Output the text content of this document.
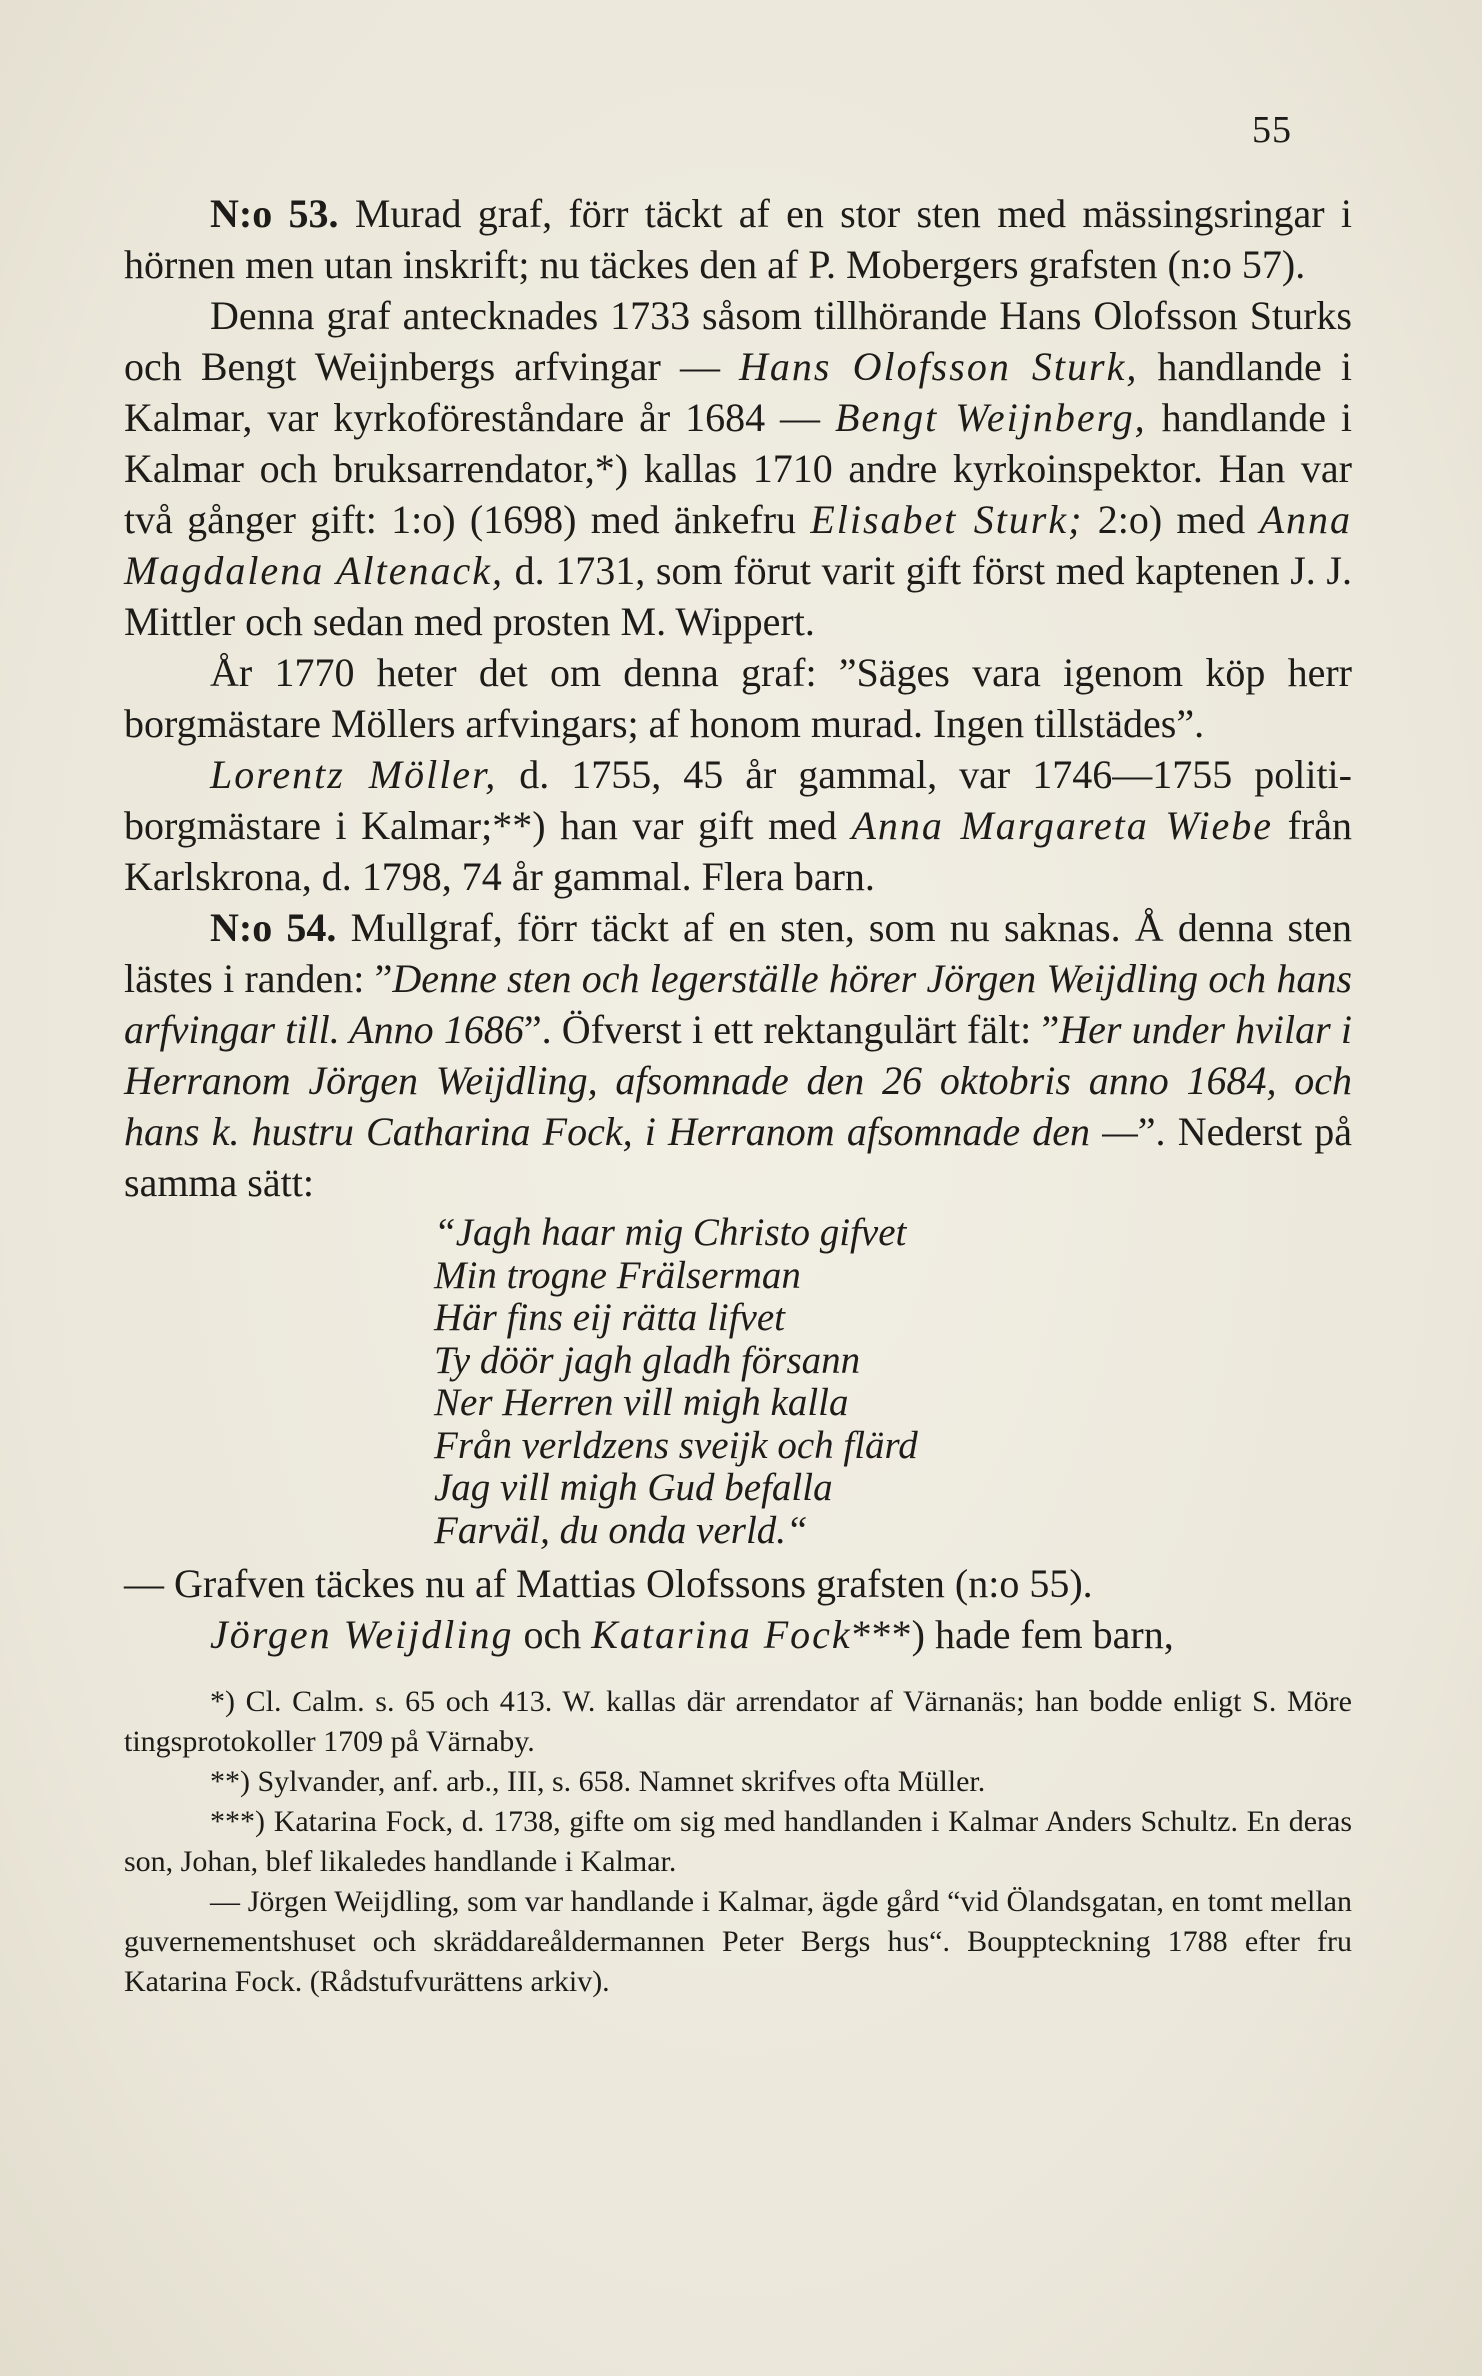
55

N:o 53. Murad graf, förr täckt af en stor sten med mässingsringar i hörnen men utan inskrift; nu täckes den af P. Mobergers grafsten (n:o 57).

Denna graf antecknades 1733 såsom tillhörande Hans Olofsson Sturks och Bengt Weijnbergs arfvingar — Hans Olofsson Sturk, handlande i Kalmar, var kyrkoföreståndare år 1684 — Bengt Weijnberg, handlande i Kalmar och bruksarrendator,*) kallas 1710 andre kyrkoinspektor. Han var två gånger gift: 1:o) (1698) med änkefru Elisabet Sturk; 2:o) med Anna Magdalena Altenack, d. 1731, som förut varit gift först med kaptenen J. J. Mittler och sedan med prosten M. Wippert.

År 1770 heter det om denna graf: ”Säges vara igenom köp herr borgmästare Möllers arfvingars; af honom murad. Ingen tillstädes”.

Lorentz Möller, d. 1755, 45 år gammal, var 1746—1755 politi-borgmästare i Kalmar;**) han var gift med Anna Margareta Wiebe från Karlskrona, d. 1798, 74 år gammal. Flera barn.

N:o 54. Mullgraf, förr täckt af en sten, som nu saknas. Å denna sten lästes i randen: ”Denne sten och legerställe hörer Jörgen Weijdling och hans arfvingar till. Anno 1686”. Öfverst i ett rektangulärt fält: ”Her under hvilar i Herranom Jörgen Weijdling, afsomnade den 26 oktobris anno 1684, och hans k. hustru Catharina Fock, i Herranom afsomnade den —”. Nederst på samma sätt:

“Jagh haar mig Christo gifvet
Min trogne Frälserman
Här fins eij rätta lifvet
Ty döör jagh gladh försann
Ner Herren vill migh kalla
Från verldzens sveijk och flärd
Jag vill migh Gud befalla
Farväl, du onda verld.“

— Grafven täckes nu af Mattias Olofssons grafsten (n:o 55).

Jörgen Weijdling och Katarina Fock***) hade fem barn,

*) Cl. Calm. s. 65 och 413. W. kallas där arrendator af Värnanäs; han bodde enligt S. Möre tingsprotokoller 1709 på Värnaby.

**) Sylvander, anf. arb., III, s. 658. Namnet skrifves ofta Müller.

***) Katarina Fock, d. 1738, gifte om sig med handlanden i Kalmar Anders Schultz. En deras son, Johan, blef likaledes handlande i Kalmar.

— Jörgen Weijdling, som var handlande i Kalmar, ägde gård “vid Ölandsgatan, en tomt mellan guvernementshuset och skräddareåldermannen Peter Bergs hus“. Bouppteckning 1788 efter fru Katarina Fock. (Rådstufvurättens arkiv).
